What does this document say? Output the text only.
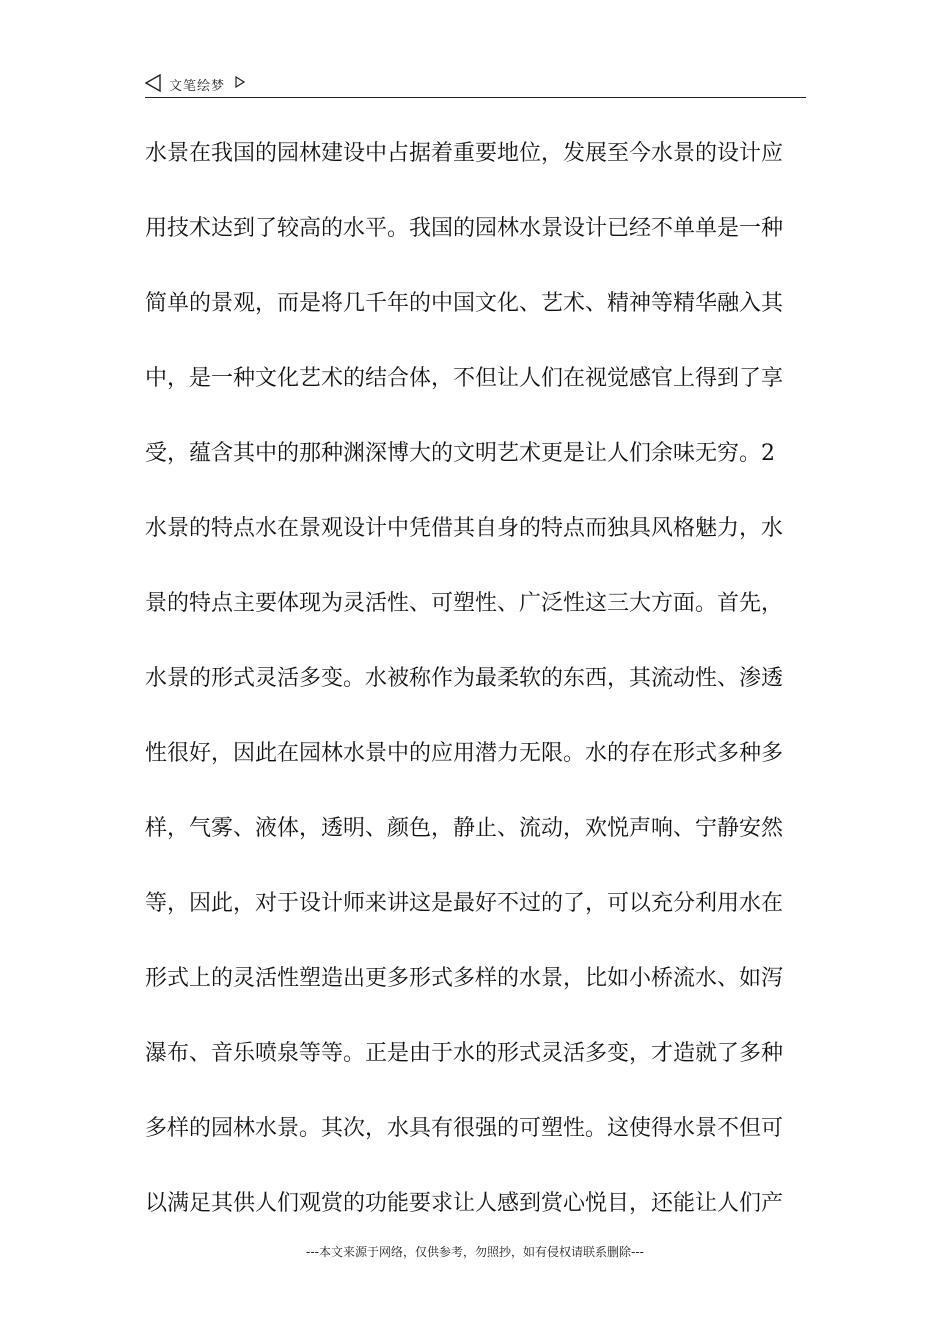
文笔绘梦
水景在我国的园林建设中占据着重要地位，发展至今水景的设计应
用技术达到了较高的水平。我国的园林水景设计已经不单单是一种
简单的景观，而是将几千年的中国文化、艺术、精神等精华融入其
中，是一种文化艺术的结合体，不但让人们在视觉感官上得到了享
受，蕴含其中的那种渊深博大的文明艺术更是让人们余味无穷。2
水景的特点水在景观设计中凭借其自身的特点而独具风格魅力，水
景的特点主要体现为灵活性、可塑性、广泛性这三大方面。首先，
水景的形式灵活多变。水被称作为最柔软的东西，其流动性、渗透
性很好，因此在园林水景中的应用潜力无限。水的存在形式多种多
样，气雾、液体，透明、颜色，静止、流动，欢悦声响、宁静安然
等，因此，对于设计师来讲这是最好不过的了，可以充分利用水在
形式上的灵活性塑造出更多形式多样的水景，比如小桥流水、如泻
瀑布、音乐喷泉等等。正是由于水的形式灵活多变，才造就了多种
多样的园林水景。其次，水具有很强的可塑性。这使得水景不但可
以满足其供人们观赏的功能要求让人感到赏心悦目，还能让人们产
---本文来源于网络，仅供参考，勿照抄，如有侵权请联系删除---
